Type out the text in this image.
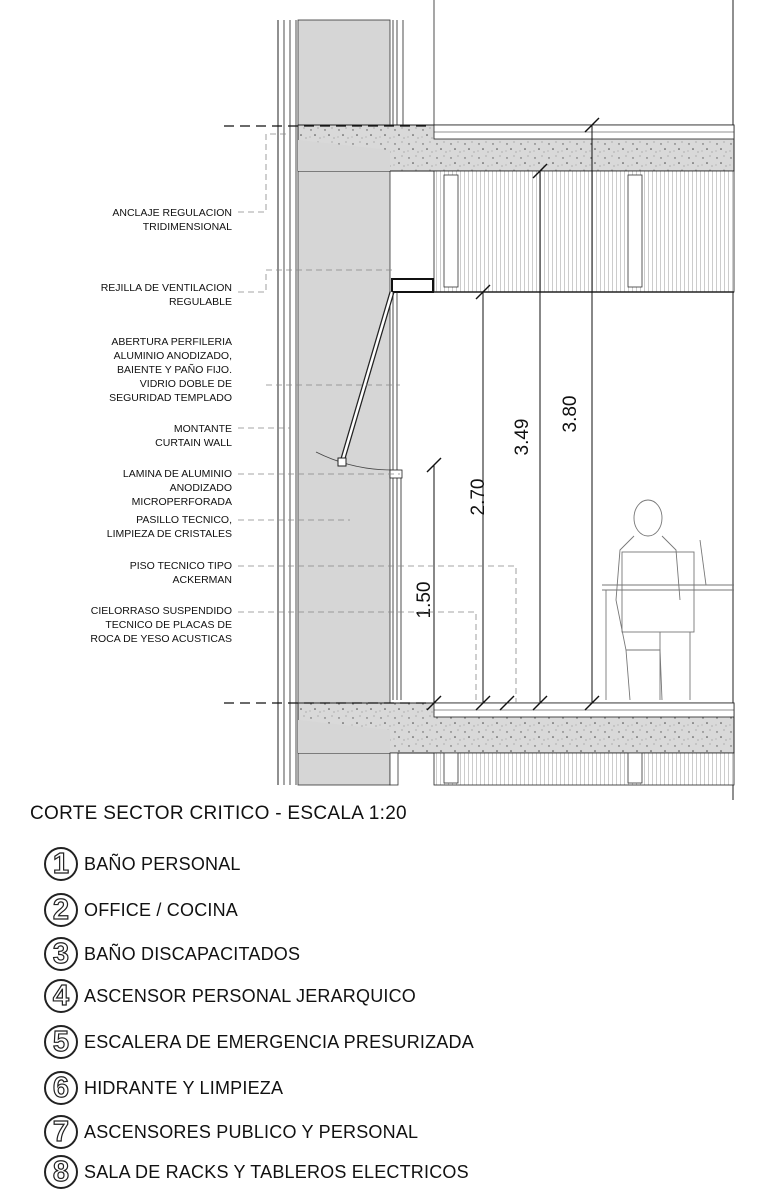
1.50
2.70
3.49
3.80
ANCLAJE REGULACION
TRIDIMENSIONAL
REJILLA DE VENTILACION
REGULABLE
ABERTURA PERFILERIA
ALUMINIO ANODIZADO,
BAIENTE Y PAÑO FIJO.
VIDRIO DOBLE DE
SEGURIDAD TEMPLADO
MONTANTE
CURTAIN WALL
LAMINA DE ALUMINIO
ANODIZADO
MICROPERFORADA
PASILLO TECNICO,
LIMPIEZA DE CRISTALES
PISO TECNICO TIPO
ACKERMAN
CIELORRASO SUSPENDIDO
TECNICO DE PLACAS DE
ROCA DE YESO ACUSTICAS
CORTE SECTOR CRITICO - ESCALA 1:20
1 BAÑO PERSONAL
2 OFFICE / COCINA
3 BAÑO DISCAPACITADOS
4 ASCENSOR PERSONAL JERARQUICO
5 ESCALERA DE EMERGENCIA PRESURIZADA
6 HIDRANTE Y LIMPIEZA
7 ASCENSORES PUBLICO Y PERSONAL
8 SALA DE RACKS Y TABLEROS ELECTRICOS
